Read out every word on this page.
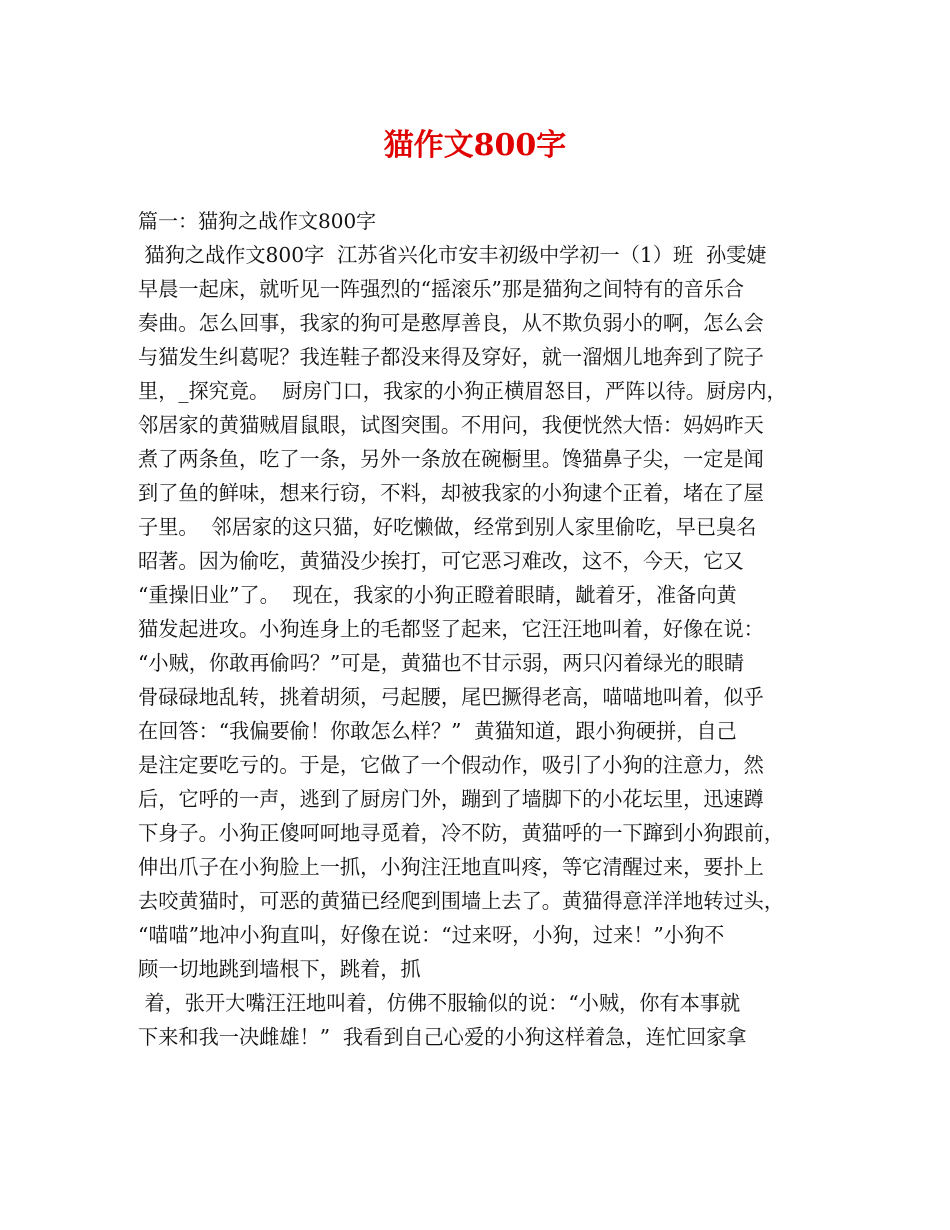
猫作文800字
篇一：猫狗之战作文800字
猫狗之战作文800字  江苏省兴化市安丰初级中学初一（1）班  孙雯婕
早晨一起床，就听见一阵强烈的“摇滚乐”那是猫狗之间特有的音乐合
奏曲。怎么回事，我家的狗可是憨厚善良，从不欺负弱小的啊，怎么会
与猫发生纠葛呢？我连鞋子都没来得及穿好，就一溜烟儿地奔到了院子
里，_探究竟。  厨房门口，我家的小狗正横眉怒目，严阵以待。厨房内，
邻居家的黄猫贼眉鼠眼，试图突围。不用问，我便恍然大悟：妈妈昨天
煮了两条鱼，吃了一条，另外一条放在碗橱里。馋猫鼻子尖，一定是闻
到了鱼的鲜味，想来行窃，不料，却被我家的小狗逮个正着，堵在了屋
子里。  邻居家的这只猫，好吃懒做，经常到别人家里偷吃，早已臭名
昭著。因为偷吃，黄猫没少挨打，可它恶习难改，这不，今天，它又
“重操旧业”了。  现在，我家的小狗正瞪着眼睛，龇着牙，准备向黄
猫发起进攻。小狗连身上的毛都竖了起来，它汪汪地叫着，好像在说：
“小贼，你敢再偷吗？”可是，黄猫也不甘示弱，两只闪着绿光的眼睛
骨碌碌地乱转，挑着胡须，弓起腰，尾巴撅得老高，喵喵地叫着，似乎
在回答：“我偏要偷！你敢怎么样？”  黄猫知道，跟小狗硬拼，自己
是注定要吃亏的。于是，它做了一个假动作，吸引了小狗的注意力，然
后，它呼的一声，逃到了厨房门外，蹦到了墙脚下的小花坛里，迅速蹲
下身子。小狗正傻呵呵地寻觅着，冷不防，黄猫呼的一下蹿到小狗跟前，
伸出爪子在小狗脸上一抓，小狗注汪地直叫疼，等它清醒过来，要扑上
去咬黄猫时，可恶的黄猫已经爬到围墙上去了。黄猫得意洋洋地转过头，
“喵喵”地冲小狗直叫，好像在说：“过来呀，小狗，过来！”小狗不
顾一切地跳到墙根下，跳着，抓
着，张开大嘴汪汪地叫着，仿佛不服输似的说：“小贼，你有本事就
下来和我一决雌雄！”  我看到自己心爱的小狗这样着急，连忙回家拿
